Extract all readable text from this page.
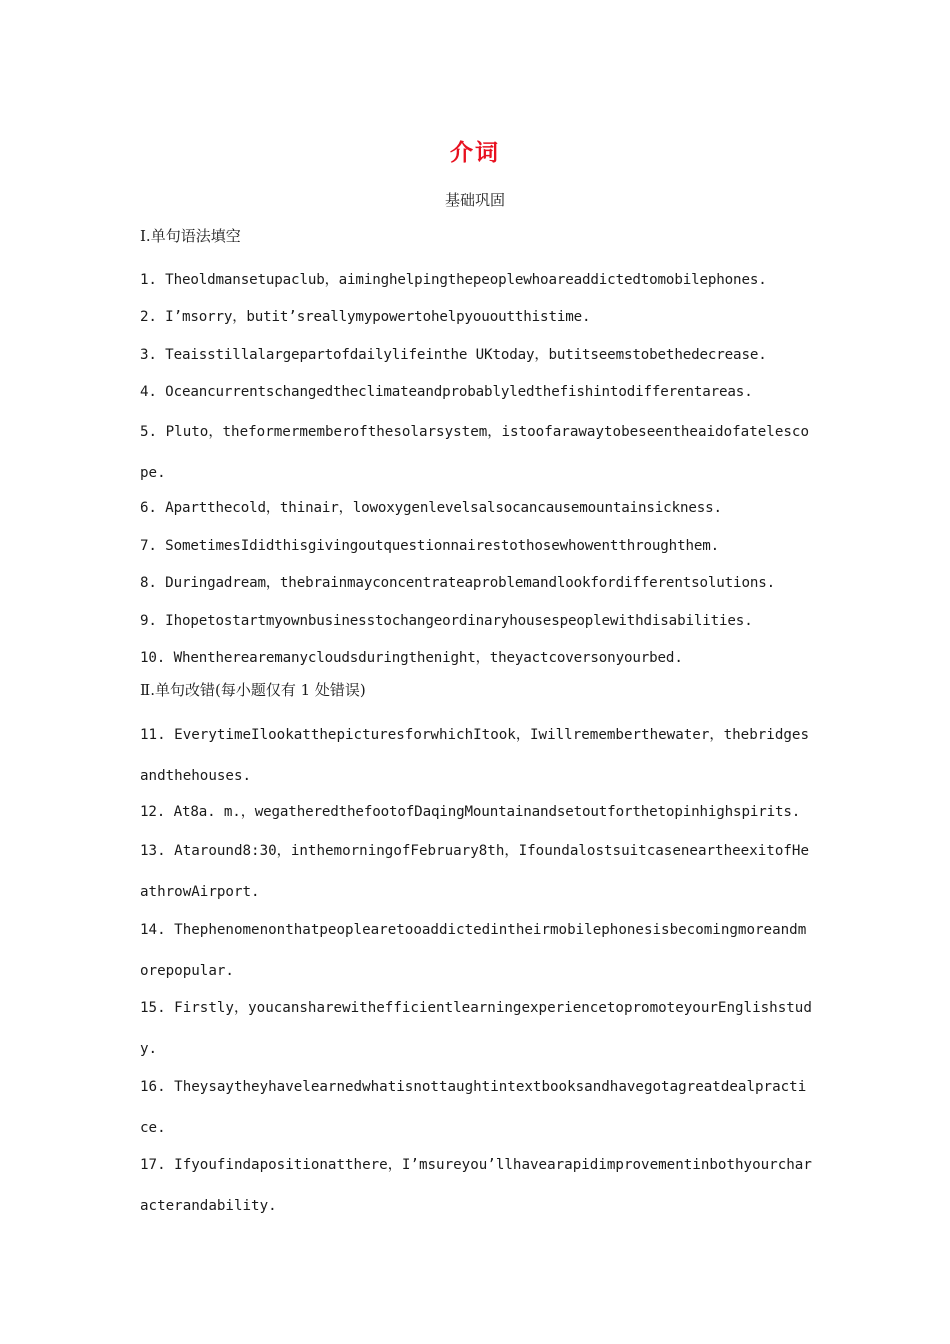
介词
基础巩固
Ⅰ.单句语法填空
1. Theoldmansetupaclub，aiminghelpingthepeoplewhoareaddictedtomobilephones.
2. I’msorry，butit’sreallymypowertohelpyououtthistime.
3. Teaisstillalargepartofdailylifeinthe UKtoday，butitseemstobethedecrease.
4. Oceancurrentschangedtheclimateandprobablyledthefishintodifferentareas.
5. Pluto，theformermemberofthesolarsystem，istoofarawaytobeseentheaidofatelescope.
6. Apartthecold，thinair，lowoxygenlevelsalsocancausemountainsickness.
7. SometimesIdidthisgivingoutquestionnairestothosewhowentthroughthem.
8. Duringadream，thebrainmayconcentrateaproblemandlookfordifferentsolutions.
9. Ihopetostartmyownbusinesstochangeordinaryhousespeoplewithdisabilities.
10. Whentherearemanycloudsduringthenight，theyactcoversonyourbed.
Ⅱ.单句改错(每小题仅有 1 处错误)
11. EverytimeIlookatthepicturesforwhichItook，Iwillrememberthewater，thebridgesandthehouses.
12. At8a. m.，wegatheredthefootofDaqingMountainandsetoutforthetopinhighspirits.
13. Ataround8:30，inthemorningofFebruary8th，IfoundalostsuitcaseneartheexitofHeathrowAirport.
14. Thephenomenonthatpeoplearetooaddictedintheirmobilephonesisbecomingmoreandmorepopular.
15. Firstly，youcansharewithefficientlearningexperiencetopromoteyourEnglishstudy.
16. Theysaytheyhavelearnedwhatisnottaughtintextbooksandhavegotagreatdealpractice.
17. Ifyoufindapositionatthere，I’msureyou’llhavearapidimprovementinbothyourcharacterandability.
